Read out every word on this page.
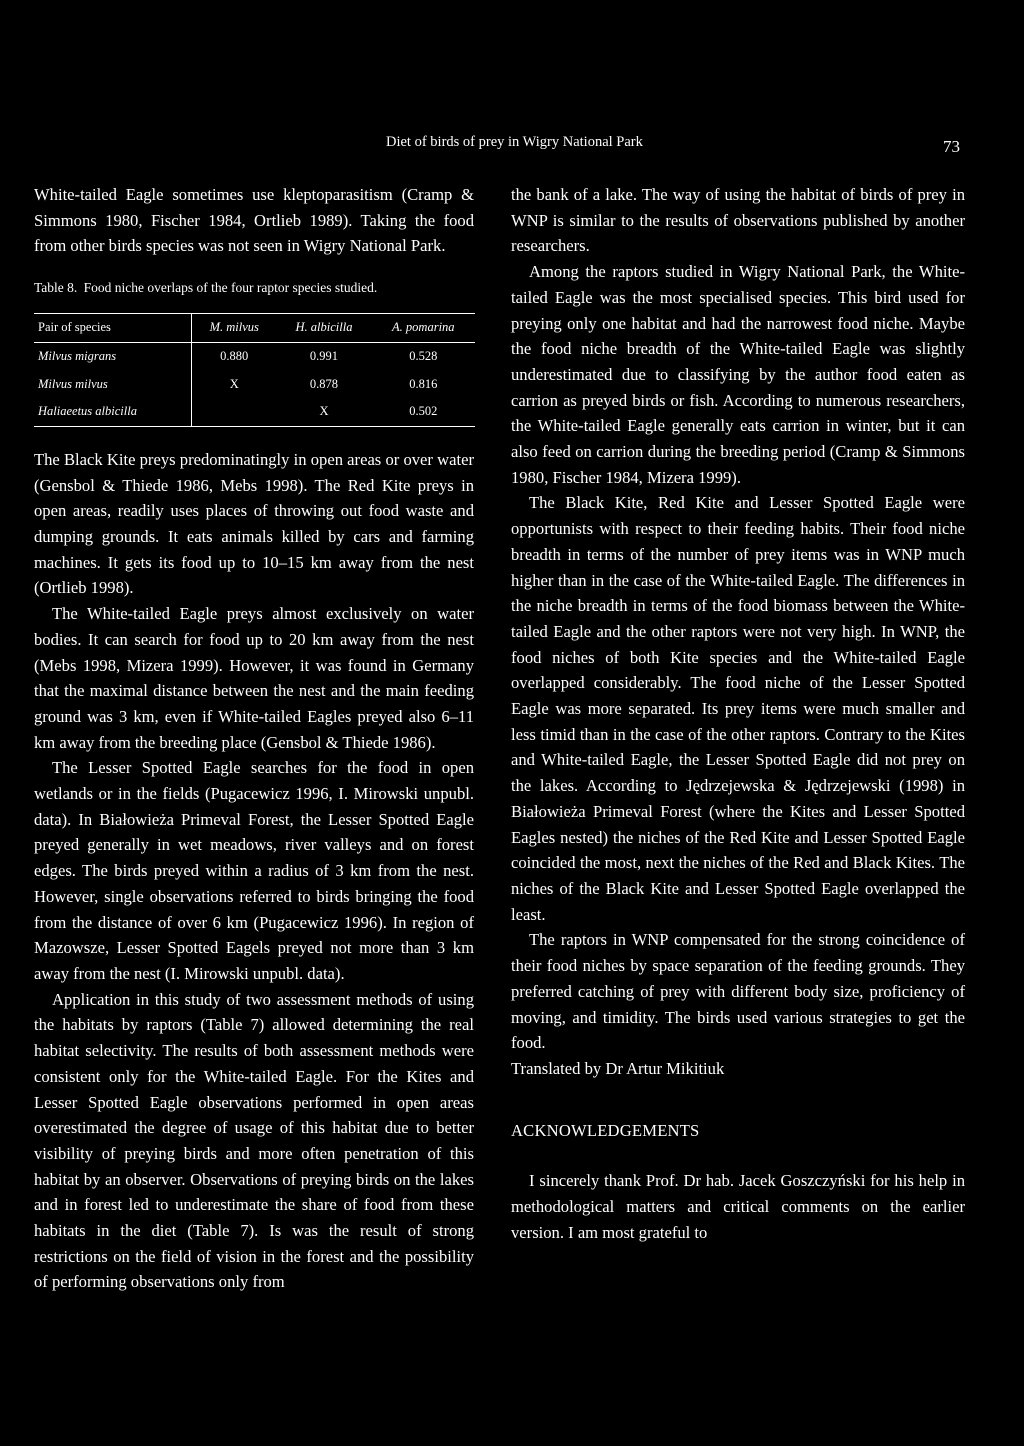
Diet of birds of prey in Wigry National Park	73

White-tailed Eagle sometimes use kleptoparasitism (Cramp & Simmons 1980, Fischer 1984, Ortlieb 1989). Taking the food from other birds species was not seen in Wigry National Park.

Table 8. Food niche overlaps of the four raptor species studied.
Pair of species	M. milvus	H. albicilla	A. pomarina
Milvus migrans	0.880	0.991	0.528
Milvus milvus	X	0.878	0.816
Haliaeetus albicilla		X	0.502

The Black Kite preys predominatingly in open areas or over water (Gensbol & Thiede 1986, Mebs 1998). The Red Kite preys in open areas, readily uses places of throwing out food waste and dumping grounds. It eats animals killed by cars and farming machines. It gets its food up to 10–15 km away from the nest (Ortlieb 1998).

The White-tailed Eagle preys almost exclusively on water bodies. It can search for food up to 20 km away from the nest (Mebs 1998, Mizera 1999). However, it was found in Germany that the maximal distance between the nest and the main feeding ground was 3 km, even if White-tailed Eagles preyed also 6–11 km away from the breeding place (Gensbol & Thiede 1986).

The Lesser Spotted Eagle searches for the food in open wetlands or in the fields (Pugacewicz 1996, I. Mirowski unpubl. data). In Białowieża Primeval Forest, the Lesser Spotted Eagle preyed generally in wet meadows, river valleys and on forest edges. The birds preyed within a radius of 3 km from the nest. However, single observations referred to birds bringing the food from the distance of over 6 km (Pugacewicz 1996). In region of Mazowsze, Lesser Spotted Eagels preyed not more than 3 km away from the nest (I. Mirowski unpubl. data).

Application in this study of two assessment methods of using the habitats by raptors (Table 7) allowed determining the real habitat selectivity. The results of both assessment methods were consistent only for the White-tailed Eagle. For the Kites and Lesser Spotted Eagle observations performed in open areas overestimated the degree of usage of this habitat due to better visibility of preying birds and more often penetration of this habitat by an observer. Observations of preying birds on the lakes and in forest led to underestimate the share of food from these habitats in the diet (Table 7). Is was the result of strong restrictions on the field of vision in the forest and the possibility of performing observations only from

the bank of a lake. The way of using the habitat of birds of prey in WNP is similar to the results of observations published by another researchers.

Among the raptors studied in Wigry National Park, the White-tailed Eagle was the most specialised species. This bird used for preying only one habitat and had the narrowest food niche. Maybe the food niche breadth of the White-tailed Eagle was slightly underestimated due to classifying by the author food eaten as carrion as preyed birds or fish. According to numerous researchers, the White-tailed Eagle generally eats carrion in winter, but it can also feed on carrion during the breeding period (Cramp & Simmons 1980, Fischer 1984, Mizera 1999).

The Black Kite, Red Kite and Lesser Spotted Eagle were opportunists with respect to their feeding habits. Their food niche breadth in terms of the number of prey items was in WNP much higher than in the case of the White-tailed Eagle. The differences in the niche breadth in terms of the food biomass between the White-tailed Eagle and the other raptors were not very high. In WNP, the food niches of both Kite species and the White-tailed Eagle overlapped considerably. The food niche of the Lesser Spotted Eagle was more separated. Its prey items were much smaller and less timid than in the case of the other raptors. Contrary to the Kites and White-tailed Eagle, the Lesser Spotted Eagle did not prey on the lakes. According to Jędrzejewska & Jędrzejewski (1998) in Białowieża Primeval Forest (where the Kites and Lesser Spotted Eagles nested) the niches of the Red Kite and Lesser Spotted Eagle coincided the most, next the niches of the Red and Black Kites. The niches of the Black Kite and Lesser Spotted Eagle overlapped the least.

The raptors in WNP compensated for the strong coincidence of their food niches by space separation of the feeding grounds. They preferred catching of prey with different body size, proficiency of moving, and timidity. The birds used various strategies to get the food.

Translated by Dr Artur Mikitiuk

ACKNOWLEDGEMENTS

I sincerely thank Prof. Dr hab. Jacek Goszczyński for his help in methodological matters and critical comments on the earlier version. I am most grateful to
